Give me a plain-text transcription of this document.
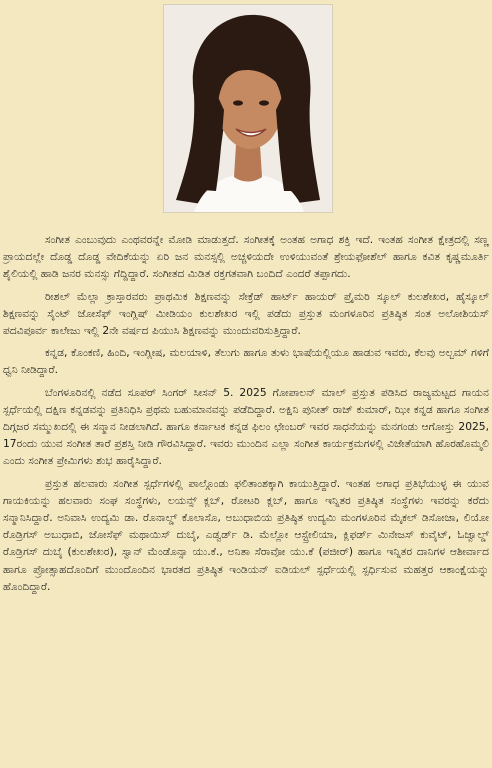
ಸಂಗೀತ ಎಂಬುವುದು ಎಂಥವರನ್ನೇ ಮೋಡಿ ಮಾಡುತ್ತದೆ. ಸಂಗೀತಕ್ಕೆ ಅಂತಹ ಅಗಾಧ ಶಕ್ತಿ ಇದೆ. ಇಂತಹ ಸಂಗೀತ ಕ್ಷೇತ್ರದಲ್ಲಿ ಸಣ್ಣ ಪ್ರಾಯದಲ್ಲೇ ದೊಡ್ಡ ದೊಡ್ಡ ವೇದಿಕೆಯನ್ನು ಏರಿ ಜನ ಮನಸ್ಸಲ್ಲಿ ಅಚ್ಚಳಿಯದೇ ಉಳಿಯುವಂತೆ ಶ್ರೇಯಫೋಶೆಲ್ ಹಾಗೂ ಕವಿತ ಕೃಷ್ಣಮೂರ್ತಿ ಶೈಲಿಯಲ್ಲಿ ಹಾಡಿ ಜನರ ಮನಸ್ಸು ಗೆದ್ದಿದ್ದಾರೆ. ಸಂಗೀತದ ಮಿಡಿತ ರಕ್ತಗತವಾಗಿ ಬಂದಿದೆ ಎಂದರೆ ತಪ್ಪಾಗದು.

ರೀಶಲ್ ಮೆಲ್ಲಾ ಕ್ರಾಸ್ತಾರವರು ಪ್ರಾಥಮಿಕ ಶಿಕ್ಷಣವನ್ನು ಸೇಕ್ರೆಡ್ ಹಾರ್ಟ್ ಹಾಯರ್ ಪ್ರೈಮರಿ ಸ್ಕೂಲ್ ಕುಲಶೇಖರ, ಹೈಸ್ಕೂಲ್ ಶಿಕ್ಷಣವನ್ನು ಸೈಂಟ್ ಜೋಸೆಫ್ ಇಂಗ್ಲಿಷ್ ಮೀಡಿಯಂ ಕುಲಶೇಖರ ಇಲ್ಲಿ ಪಡೆದು ಪ್ರಸ್ತುತ ಮಂಗಳೂರಿನ ಪ್ರತಿಷ್ಠಿತ ಸಂತ ಅಲೋಶಿಯಸ್ ಪದವಿಪೂರ್ವ ಕಾಲೇಜು ಇಲ್ಲಿ 2ನೇ ವರ್ಷದ ಪಿಯುಸಿ ಶಿಕ್ಷಣವನ್ನು ಮುಂದುವರಿಸುತ್ತಿದ್ದಾರೆ.

ಕನ್ನಡ, ಕೊಂಕಣಿ, ಹಿಂದಿ, ಇಂಗ್ಲೀಷ, ಮಲಯಾಳಿ, ತೆಲುಗು ಹಾಗೂ ತುಳು ಭಾಷೆಯಲ್ಲಿಯೂ ಹಾಡುವ ಇವರು, ಕೆಲವು ಅಲ್ಬಮ್ ಗಳಿಗೆ ಧ್ವನಿ ನೀಡಿದ್ದಾರೆ.

ಬೆಂಗಳೂರಿನಲ್ಲಿ ನಡೆದ ಸೂಪರ್ ಸಿಂಗರ್ ಸೀಸನ್ 5. 2025 ಗೋಪಾಲನ್ ಮಾಲ್ ಪ್ರಸ್ತುತ ಪಡಿಸಿದ ರಾಜ್ಯಮಟ್ಟದ ಗಾಯನ ಸ್ಪರ್ಧೆಯಲ್ಲಿ ದಕ್ಷಿಣ ಕನ್ನಡವನ್ನು ಪ್ರತಿನಿಧಿಸಿ ಪ್ರಥಮ ಬಹುಮಾನವನ್ನು ಪಡೆದಿದ್ದಾರೆ. ಅಕ್ಷಿನಿ ಪುನೀತ್ ರಾಜ್ ಕುಮಾರ್, ಝೀ ಕನ್ನಡ ಹಾಗೂ ಸಂಗೀತ ದಿಗ್ಗಜರ ಸಮ್ಮುಖದಲ್ಲಿ ಈ ಸನ್ಮಾನ ನೀಡಲಾಗಿದೆ. ಹಾಗೂ ಕರ್ನಾಟಕ ಕನ್ನಡ ಫಿಲಂ ಛೇಂಬರ್ ಇವರ ಸಾಧನೆಯನ್ನು ಮನಗಂಡು ಆಗೋಸ್ತು 2025, 17ರಂದು ಯುವ ಸಂಗೀತ ತಾರೆ ಪ್ರಶಸ್ತಿ ನೀಡಿ ಗೌರವಿಸಿದ್ದಾರೆ. ಇವರು ಮುಂದಿನ ಎಲ್ಲಾ ಸಂಗೀತ ಕಾರ್ಯಕ್ರಮಗಳಲ್ಲಿ ವಿಜೇತೆಯಾಗಿ ಹೊರಹೊಮ್ಮಲಿ ಎಂದು ಸಂಗೀತ ಪ್ರೇಮಿಗಳು ಶುಭ ಹಾರೈಸಿದ್ದಾರೆ.

ಪ್ರಸ್ತುತ ಹಲವಾರು ಸಂಗೀತ ಸ್ಪರ್ಧೆಗಳಲ್ಲಿ ಪಾಲ್ಗೊಂಡು ಫಲಿತಾಂಶಕ್ಕಾಗಿ ಕಾಯುತ್ತಿದ್ದಾರೆ. ಇಂತಹ ಅಗಾಧ ಪ್ರತಿಭೆಯುಳ್ಳ ಈ ಯುವ ಗಾಯಕಿಯನ್ನು ಹಲವಾರು ಸಂಘ ಸಂಸ್ಥೆಗಳು, ಲಯನ್ಸ್ ಕ್ಲಬ್, ರೋಟರಿ ಕ್ಲಬ್, ಹಾಗೂ ಇನ್ನಿತರ ಪ್ರತಿಷ್ಠಿತ ಸಂಸ್ಥೆಗಳು ಇವರನ್ನು ಕರೆದು ಸನ್ಮಾನಿಸಿದ್ದಾರೆ. ಅನಿವಾಸಿ ಉದ್ಯಮಿ ಡಾ. ರೊನಾಲ್ಡ್ ಕೊಲಾಸೊ, ಅಬುಧಾಬಿಯ ಪ್ರತಿಷ್ಠಿತ ಉದ್ಯಮಿ ಮಂಗಳೂರಿನ ಮೈಕಲ್ ಡಿಸೋಜಾ, ಲಿಯೋ ರೊಡ್ರಿಗಸ್ ಅಬುಧಾಬಿ, ಜೋಸೆಫ್ ಮಥಾಯಿಸ್ ದುಬೈ, ಎಡ್ವರ್ಡ್ ಡಿ. ಮೆಲ್ಲೋ ಆಸ್ಟ್ರೇಲಿಯಾ, ಕ್ಲಿಫರ್ಡ್ ಮಿನೇಜಸ್ ಕುವೈಟ್, ಓಜ್ವಾಲ್ಡ್ ರೊಡ್ರಿಗಸ್ ದುಬೈ (ಕುಲಶೇಖರ), ಸ್ವಾನ್ ಮೆಂಡೊನ್ಸಾ ಯು.ಕೆ., ಅನಿತಾ ಸೆರಾವೋ ಯು.ಕೆ (ಪಜೀರ್) ಹಾಗೂ ಇನ್ನಿತರ ದಾನಿಗಳ ಆಶೀರ್ವಾದ ಹಾಗೂ ಪ್ರೋತ್ಸಾಹದೊಂದಿಗೆ ಮುಂದೊಂದಿನ ಭಾರತದ ಪ್ರತಿಷ್ಠಿತ ಇಂಡಿಯನ್ ಐಡಿಯಲ್ ಸ್ಪರ್ಧೆಯಲ್ಲಿ ಸ್ಪರ್ಧಿಸುವ ಮಹತ್ತರ ಆಕಾಂಕ್ಷೆಯನ್ನು ಹೊಂದಿದ್ದಾರೆ.
